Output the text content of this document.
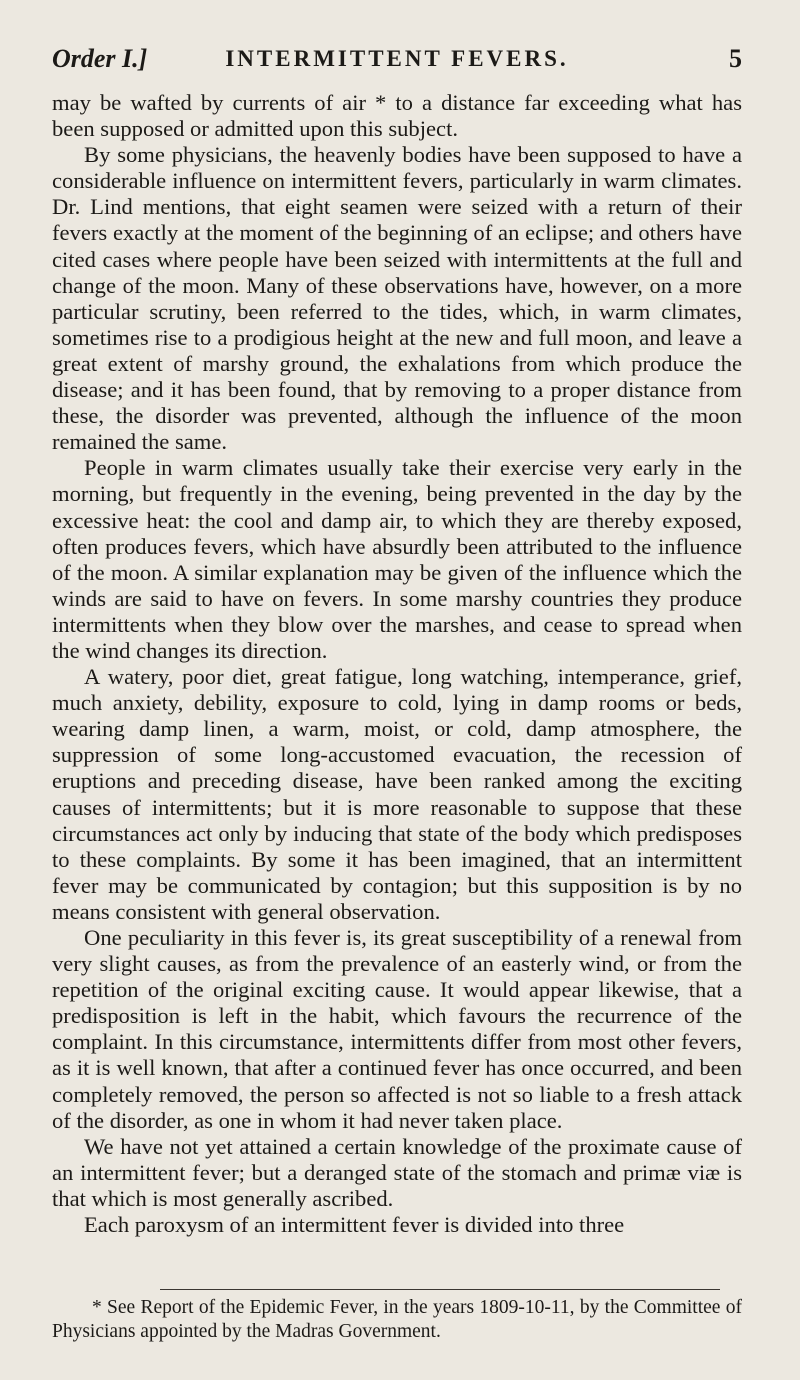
Order I.]	INTERMITTENT FEVERS.	5

may be wafted by currents of air * to a distance far exceeding what has been supposed or admitted upon this subject.

By some physicians, the heavenly bodies have been supposed to have a considerable influence on intermittent fevers, particularly in warm climates. Dr. Lind mentions, that eight seamen were seized with a return of their fevers exactly at the moment of the beginning of an eclipse; and others have cited cases where people have been seized with intermittents at the full and change of the moon. Many of these observations have, however, on a more particular scrutiny, been referred to the tides, which, in warm climates, sometimes rise to a prodigious height at the new and full moon, and leave a great extent of marshy ground, the exhalations from which produce the disease; and it has been found, that by removing to a proper distance from these, the disorder was prevented, although the influence of the moon remained the same.

People in warm climates usually take their exercise very early in the morning, but frequently in the evening, being prevented in the day by the excessive heat: the cool and damp air, to which they are thereby exposed, often produces fevers, which have absurdly been attributed to the influence of the moon. A similar explanation may be given of the influence which the winds are said to have on fevers. In some marshy countries they produce intermittents when they blow over the marshes, and cease to spread when the wind changes its direction.

A watery, poor diet, great fatigue, long watching, intemperance, grief, much anxiety, debility, exposure to cold, lying in damp rooms or beds, wearing damp linen, a warm, moist, or cold, damp atmosphere, the suppression of some long-accustomed evacuation, the recession of eruptions and preceding disease, have been ranked among the exciting causes of intermittents; but it is more reasonable to suppose that these circumstances act only by inducing that state of the body which predisposes to these complaints. By some it has been imagined, that an intermittent fever may be communicated by contagion; but this supposition is by no means consistent with general observation.

One peculiarity in this fever is, its great susceptibility of a renewal from very slight causes, as from the prevalence of an easterly wind, or from the repetition of the original exciting cause. It would appear likewise, that a predisposition is left in the habit, which favours the recurrence of the complaint. In this circumstance, intermittents differ from most other fevers, as it is well known, that after a continued fever has once occurred, and been completely removed, the person so affected is not so liable to a fresh attack of the disorder, as one in whom it had never taken place.

We have not yet attained a certain knowledge of the proximate cause of an intermittent fever; but a deranged state of the stomach and primæ viæ is that which is most generally ascribed.

Each paroxysm of an intermittent fever is divided into three

* See Report of the Epidemic Fever, in the years 1809-10-11, by the Committee of Physicians appointed by the Madras Government.
